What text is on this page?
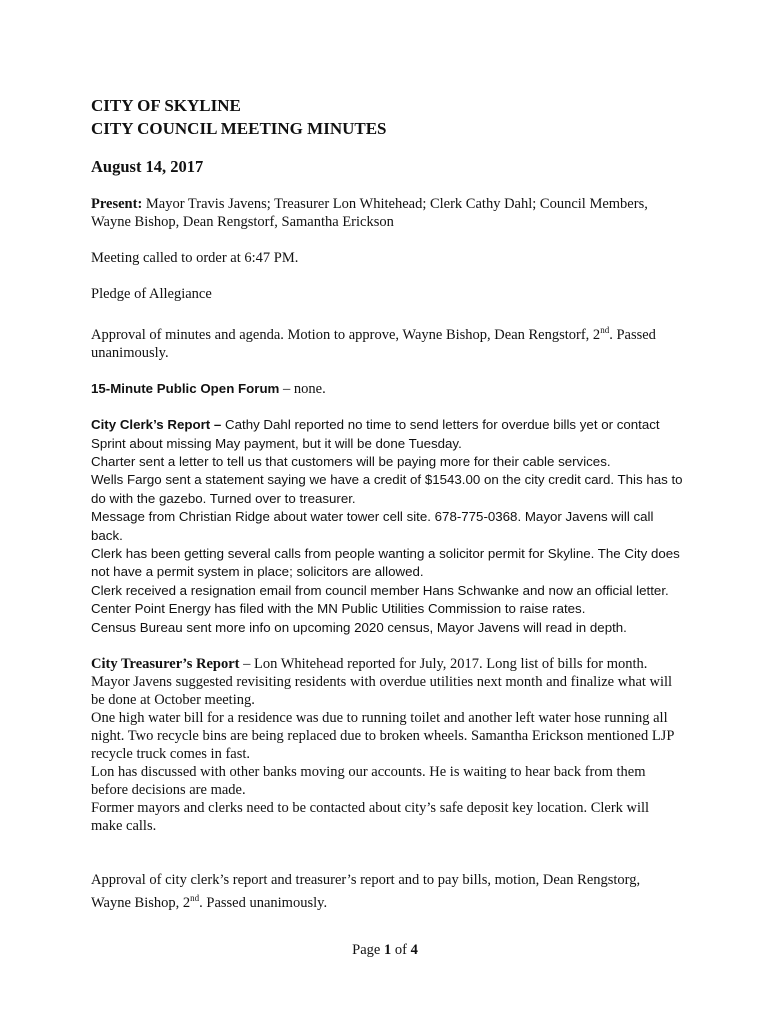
CITY OF SKYLINE
CITY COUNCIL MEETING MINUTES
August 14, 2017

Present: Mayor Travis Javens; Treasurer Lon Whitehead; Clerk Cathy Dahl; Council Members, Wayne Bishop, Dean Rengstorf, Samantha Erickson

Meeting called to order at 6:47 PM.

Pledge of Allegiance

Approval of minutes and agenda. Motion to approve, Wayne Bishop, Dean Rengstorf, 2nd. Passed unanimously.

15-Minute Public Open Forum – none.

City Clerk’s Report – Cathy Dahl reported no time to send letters for overdue bills yet or contact Sprint about missing May payment, but it will be done Tuesday.
Charter sent a letter to tell us that customers will be paying more for their cable services.
Wells Fargo sent a statement saying we have a credit of $1543.00 on the city credit card. This has to do with the gazebo. Turned over to treasurer.
Message from Christian Ridge about water tower cell site. 678-775-0368. Mayor Javens will call back.
Clerk has been getting several calls from people wanting a solicitor permit for Skyline. The City does not have a permit system in place; solicitors are allowed.
Clerk received a resignation email from council member Hans Schwanke and now an official letter.
Center Point Energy has filed with the MN Public Utilities Commission to raise rates.
Census Bureau sent more info on upcoming 2020 census, Mayor Javens will read in depth.
City Treasurer’s Report – Lon Whitehead reported for July, 2017. Long list of bills for month. Mayor Javens suggested revisiting residents with overdue utilities next month and finalize what will be done at October meeting.
One high water bill for a residence was due to running toilet and another left water hose running all night. Two recycle bins are being replaced due to broken wheels. Samantha Erickson mentioned LJP recycle truck comes in fast.
Lon has discussed with other banks moving our accounts. He is waiting to hear back from them before decisions are made.
Former mayors and clerks need to be contacted about city’s safe deposit key location. Clerk will make calls.

Approval of city clerk’s report and treasurer’s report and to pay bills, motion, Dean Rengstorg, Wayne Bishop, 2nd. Passed unanimously.

Page 1 of 4
